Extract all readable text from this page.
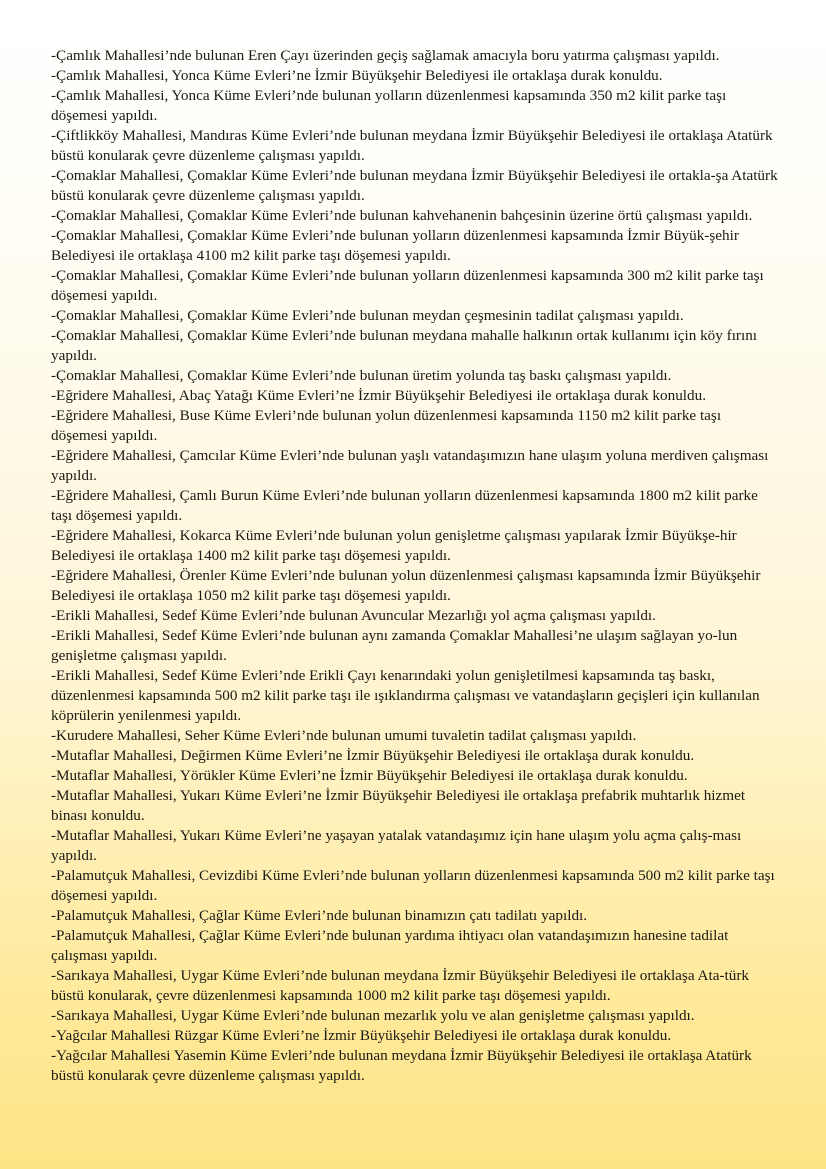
-Çamlık Mahallesi’nde bulunan Eren Çayı üzerinden geçiş sağlamak amacıyla boru yatırma çalışması yapıldı.

-Çamlık Mahallesi, Yonca Küme Evleri’ne İzmir Büyükşehir Belediyesi ile ortaklaşa durak konuldu.

-Çamlık Mahallesi, Yonca Küme Evleri’nde bulunan yolların düzenlenmesi kapsamında 350 m2 kilit parke taşı döşemesi yapıldı.

-Çiftlikköy Mahallesi, Mandıras Küme Evleri’nde bulunan meydana İzmir Büyükşehir Belediyesi ile ortaklaşa Atatürk büstü konularak çevre düzenleme çalışması yapıldı.

-Çomaklar Mahallesi, Çomaklar Küme Evleri’nde bulunan meydana İzmir Büyükşehir Belediyesi ile ortakla-şa Atatürk büstü konularak çevre düzenleme çalışması yapıldı.

-Çomaklar Mahallesi, Çomaklar Küme Evleri’nde bulunan kahvehanenin bahçesinin üzerine örtü çalışması yapıldı.

-Çomaklar Mahallesi, Çomaklar Küme Evleri’nde bulunan yolların düzenlenmesi kapsamında İzmir Büyük-şehir Belediyesi ile ortaklaşa 4100 m2 kilit parke taşı döşemesi yapıldı.

-Çomaklar Mahallesi, Çomaklar Küme Evleri’nde bulunan yolların düzenlenmesi kapsamında 300 m2 kilit parke taşı döşemesi yapıldı.

-Çomaklar Mahallesi, Çomaklar Küme Evleri’nde bulunan meydan çeşmesinin tadilat çalışması yapıldı.

-Çomaklar Mahallesi, Çomaklar Küme Evleri’nde bulunan meydana mahalle halkının ortak kullanımı için köy fırını yapıldı.

-Çomaklar Mahallesi, Çomaklar Küme Evleri’nde bulunan üretim yolunda taş baskı çalışması yapıldı.

-Eğridere Mahallesi, Abaç Yatağı Küme Evleri’ne İzmir Büyükşehir Belediyesi ile ortaklaşa durak konuldu.

-Eğridere Mahallesi, Buse Küme Evleri’nde bulunan yolun düzenlenmesi kapsamında 1150 m2 kilit parke taşı döşemesi yapıldı.

-Eğridere Mahallesi, Çamcılar Küme Evleri’nde bulunan yaşlı vatandaşımızın hane ulaşım yoluna merdiven çalışması yapıldı.

-Eğridere Mahallesi, Çamlı Burun Küme Evleri’nde bulunan yolların düzenlenmesi kapsamında 1800 m2 kilit parke taşı döşemesi yapıldı.

-Eğridere Mahallesi, Kokarca Küme Evleri’nde bulunan yolun genişletme çalışması yapılarak İzmir Büyükşe-hir Belediyesi ile ortaklaşa 1400 m2 kilit parke taşı döşemesi yapıldı.

-Eğridere Mahallesi, Örenler Küme Evleri’nde bulunan yolun düzenlenmesi çalışması kapsamında İzmir Büyükşehir Belediyesi ile ortaklaşa 1050 m2 kilit parke taşı döşemesi yapıldı.

-Erikli Mahallesi, Sedef Küme Evleri’nde bulunan Avuncular Mezarlığı yol açma çalışması yapıldı.

-Erikli Mahallesi, Sedef Küme Evleri’nde bulunan aynı zamanda Çomaklar Mahallesi’ne ulaşım sağlayan yo-lun genişletme çalışması yapıldı.

-Erikli Mahallesi, Sedef Küme Evleri’nde Erikli Çayı kenarındaki yolun genişletilmesi kapsamında taş baskı, düzenlenmesi kapsamında 500 m2 kilit parke taşı ile ışıklandırma çalışması ve vatandaşların geçişleri için kullanılan köprülerin yenilenmesi yapıldı.

-Kurudere Mahallesi, Seher Küme Evleri’nde bulunan umumi tuvaletin tadilat çalışması yapıldı.

-Mutaflar Mahallesi, Değirmen Küme Evleri’ne İzmir Büyükşehir Belediyesi ile ortaklaşa durak konuldu.

-Mutaflar Mahallesi, Yörükler Küme Evleri’ne İzmir Büyükşehir Belediyesi ile ortaklaşa durak konuldu.

-Mutaflar Mahallesi, Yukarı Küme Evleri’ne İzmir Büyükşehir Belediyesi ile ortaklaşa prefabrik muhtarlık hizmet binası konuldu.

-Mutaflar Mahallesi, Yukarı Küme Evleri’ne yaşayan yatalak vatandaşımız için hane ulaşım yolu açma çalış-ması yapıldı.

-Palamutçuk Mahallesi, Cevizdibi Küme Evleri’nde bulunan yolların düzenlenmesi kapsamında 500 m2 kilit parke taşı döşemesi yapıldı.

-Palamutçuk Mahallesi, Çağlar Küme Evleri’nde bulunan binamızın çatı tadilatı yapıldı.

-Palamutçuk Mahallesi, Çağlar Küme Evleri’nde bulunan yardıma ihtiyacı olan vatandaşımızın hanesine tadilat çalışması yapıldı.

-Sarıkaya Mahallesi, Uygar Küme Evleri’nde bulunan meydana İzmir Büyükşehir Belediyesi ile ortaklaşa Ata-türk büstü konularak, çevre düzenlenmesi kapsamında 1000 m2 kilit parke taşı döşemesi yapıldı.

-Sarıkaya Mahallesi, Uygar Küme Evleri’nde bulunan mezarlık yolu ve alan genişletme çalışması yapıldı.

-Yağcılar Mahallesi Rüzgar Küme Evleri’ne İzmir Büyükşehir Belediyesi ile ortaklaşa durak konuldu.

-Yağcılar Mahallesi Yasemin Küme Evleri’nde bulunan meydana İzmir Büyükşehir Belediyesi ile ortaklaşa Atatürk büstü konularak çevre düzenleme çalışması yapıldı.
